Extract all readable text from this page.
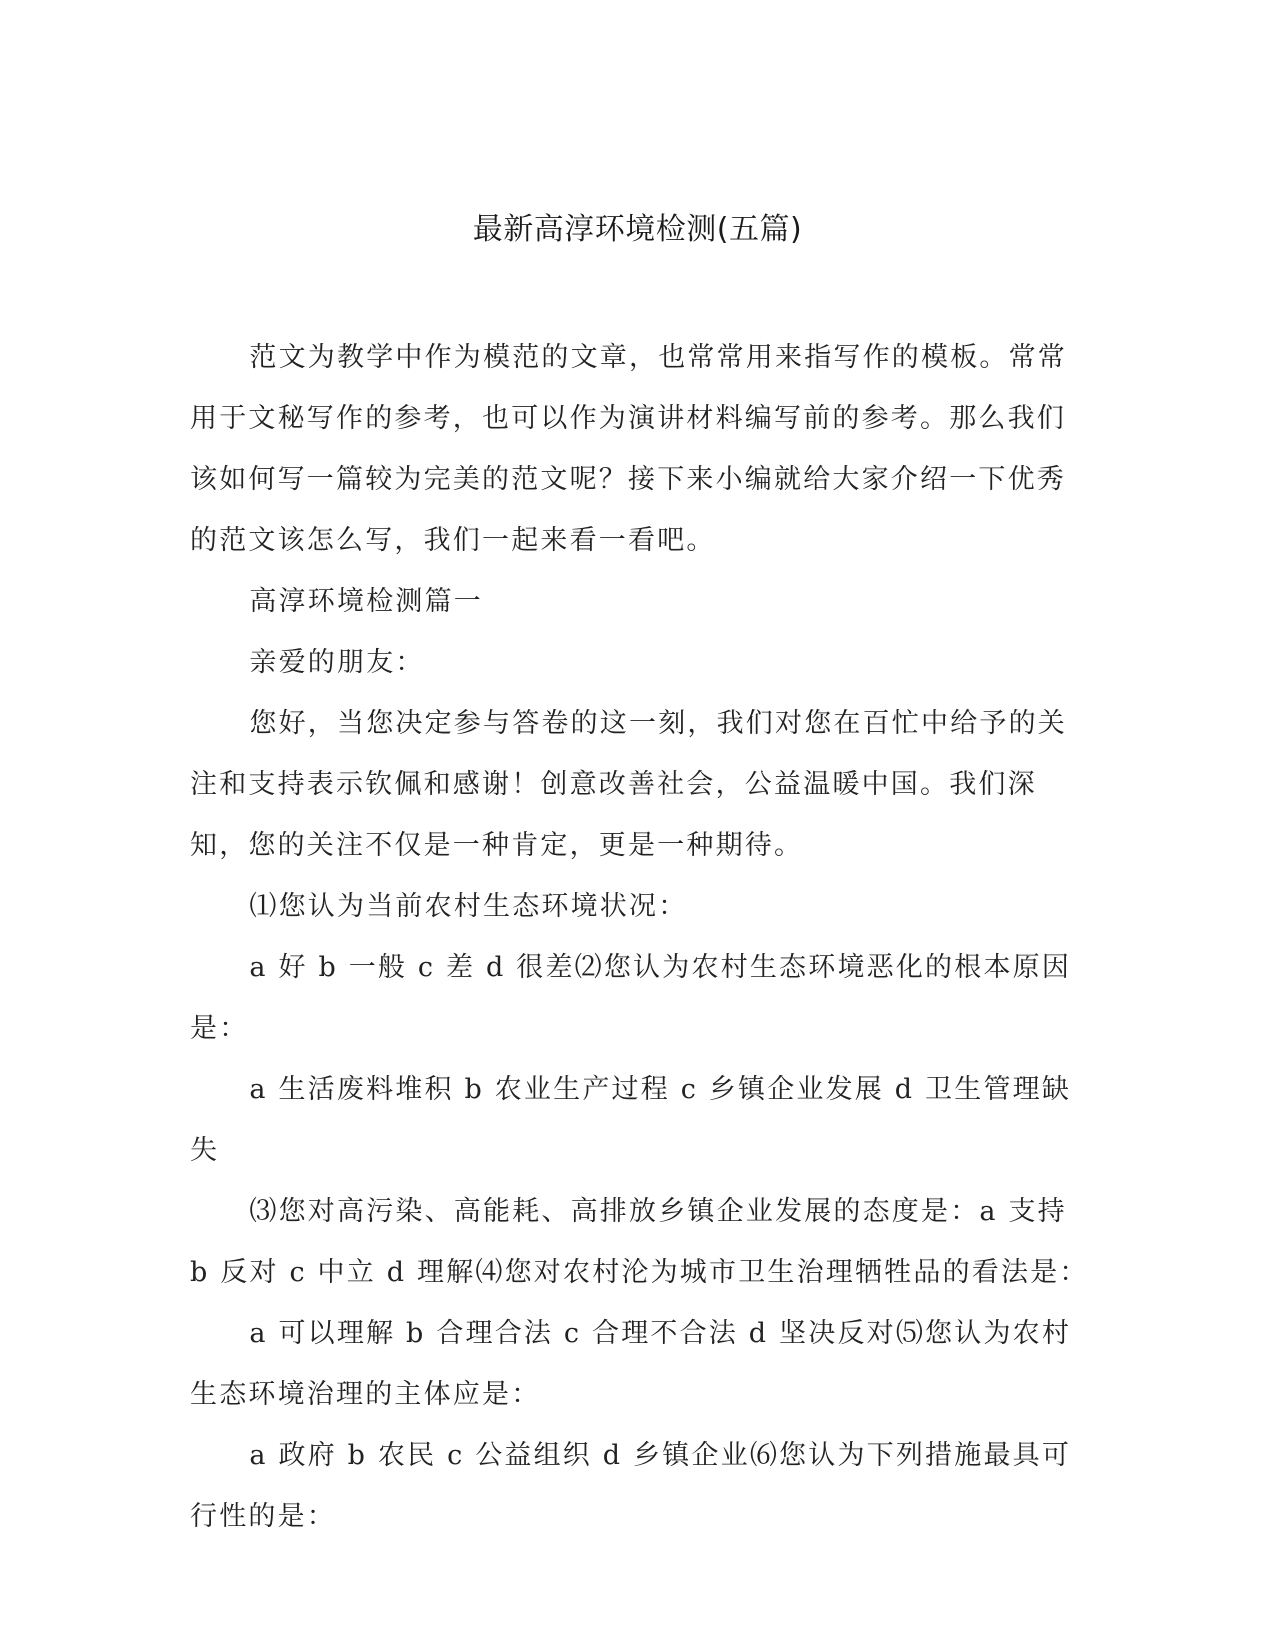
最新高淳环境检测(五篇)

范文为教学中作为模范的文章，也常常用来指写作的模板。常常用于文秘写作的参考，也可以作为演讲材料编写前的参考。那么我们该如何写一篇较为完美的范文呢？接下来小编就给大家介绍一下优秀的范文该怎么写，我们一起来看一看吧。

高淳环境检测篇一

亲爱的朋友：

您好，当您决定参与答卷的这一刻，我们对您在百忙中给予的关注和支持表示钦佩和感谢！创意改善社会，公益温暖中国。我们深知，您的关注不仅是一种肯定，更是一种期待。

⑴您认为当前农村生态环境状况：

a 好 b 一般 c 差 d 很差⑵您认为农村生态环境恶化的根本原因是：

a 生活废料堆积 b 农业生产过程 c 乡镇企业发展 d 卫生管理缺失

⑶您对高污染、高能耗、高排放乡镇企业发展的态度是：a 支持 b 反对 c 中立 d 理解⑷您对农村沦为城市卫生治理牺牲品的看法是：

a 可以理解 b 合理合法 c 合理不合法 d 坚决反对⑸您认为农村生态环境治理的主体应是：

a 政府 b 农民 c 公益组织 d 乡镇企业⑹您认为下列措施最具可行性的是：
